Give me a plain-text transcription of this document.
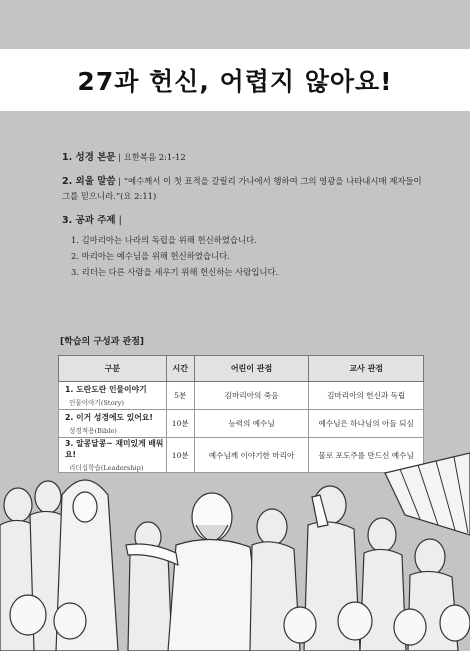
27과 헌신, 어렵지 않아요!

1. 성경 본문 | 요한복음 2:1-12

2. 외울 말씀 | “예수께서 이 첫 표적을 갈릴리 가나에서 행하여 그의 영광을 나타내시매 제자들이 그를 믿으니라.”(요 2:11)

3. 공과 주제 |
1. 김마리아는 나라의 독립을 위해 헌신하였습니다.
2. 마리아는 예수님을 위해 헌신하였습니다.
3. 리더는 다른 사람을 세우기 위해 헌신하는 사람입니다.
[학습의 구성과 관점]
구분	시간	어린이 관점	교사 관점

1. 도란도란 인물이야기
인물이야기(Story)	5분	김마리아의 죽음	김마리아의 헌신과 독립

2. 이거 성경에도 있어요!
성경적용(Bible)	10분	능력의 예수님	예수님은 하나님의 아들 되심

3. 알콩달콩~ 재미있게 배워요!
리더십학습(Leadership)	10분	예수님께 이야기한 마리아	물로 포도주를 만드신 예수님
